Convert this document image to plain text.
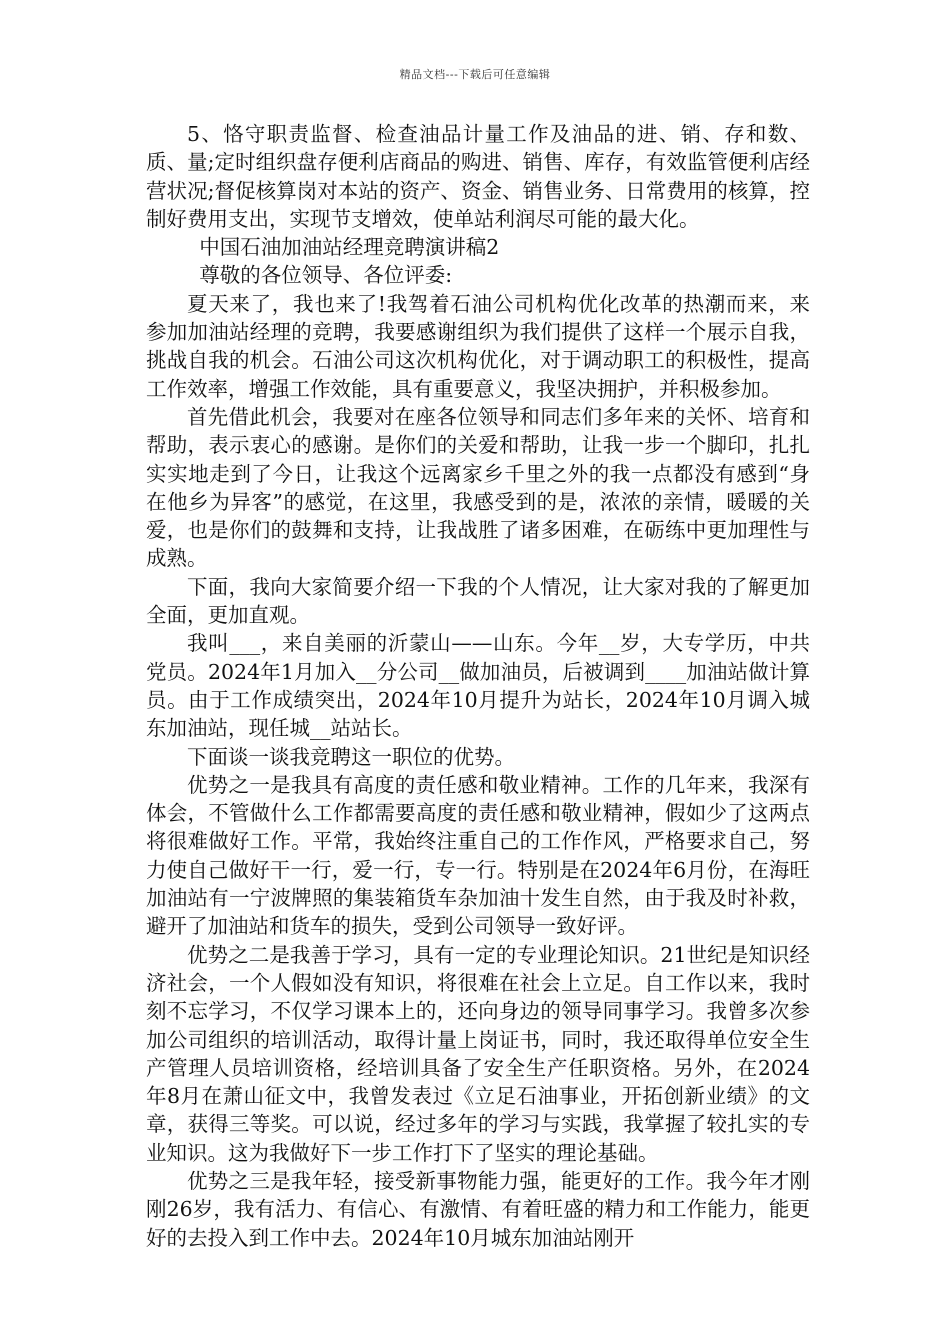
精品文档---下载后可任意编辑

5、恪守职责监督、检查油品计量工作及油品的进、销、存和数、质、量;定时组织盘存便利店商品的购进、销售、库存，有效监管便利店经营状况;督促核算岗对本站的资产、资金、销售业务、日常费用的核算，控制好费用支出，实现节支增效，使单站利润尽可能的最大化。

中国石油加油站经理竞聘演讲稿2

尊敬的各位领导、各位评委:

夏天来了，我也来了!我驾着石油公司机构优化改革的热潮而来，来参加加油站经理的竞聘，我要感谢组织为我们提供了这样一个展示自我，挑战自我的机会。石油公司这次机构优化，对于调动职工的积极性，提高工作效率，增强工作效能，具有重要意义，我坚决拥护，并积极参加。

首先借此机会，我要对在座各位领导和同志们多年来的关怀、培育和帮助，表示衷心的感谢。是你们的关爱和帮助，让我一步一个脚印，扎扎实实地走到了今日，让我这个远离家乡千里之外的我一点都没有感到“身在他乡为异客”的感觉，在这里，我感受到的是，浓浓的亲情，暖暖的关爱，也是你们的鼓舞和支持，让我战胜了诸多困难，在砺练中更加理性与成熟。

下面，我向大家简要介绍一下我的个人情况，让大家对我的了解更加全面，更加直观。

我叫___，来自美丽的沂蒙山——山东。今年__岁，大专学历，中共党员。2024年1月加入__分公司__做加油员，后被调到____加油站做计算员。由于工作成绩突出，2024年10月提升为站长，2024年10月调入城东加油站，现任城__站站长。

下面谈一谈我竞聘这一职位的优势。

优势之一是我具有高度的责任感和敬业精神。工作的几年来，我深有体会，不管做什么工作都需要高度的责任感和敬业精神，假如少了这两点将很难做好工作。平常，我始终注重自己的工作作风，严格要求自己，努力使自己做好干一行，爱一行，专一行。特别是在2024年6月份，在海旺加油站有一宁波牌照的集装箱货车杂加油十发生自然，由于我及时补救，避开了加油站和货车的损失，受到公司领导一致好评。

优势之二是我善于学习，具有一定的专业理论知识。21世纪是知识经济社会，一个人假如没有知识，将很难在社会上立足。自工作以来，我时刻不忘学习，不仅学习课本上的，还向身边的领导同事学习。我曾多次参加公司组织的培训活动，取得计量上岗证书，同时，我还取得单位安全生产管理人员培训资格，经培训具备了安全生产任职资格。另外，在2024年8月在萧山征文中，我曾发表过《立足石油事业，开拓创新业绩》的文章，获得三等奖。可以说，经过多年的学习与实践，我掌握了较扎实的专业知识。这为我做好下一步工作打下了坚实的理论基础。

优势之三是我年轻，接受新事物能力强，能更好的工作。我今年才刚刚26岁，我有活力、有信心、有激情、有着旺盛的精力和工作能力，能更好的去投入到工作中去。2024年10月城东加油站刚开
